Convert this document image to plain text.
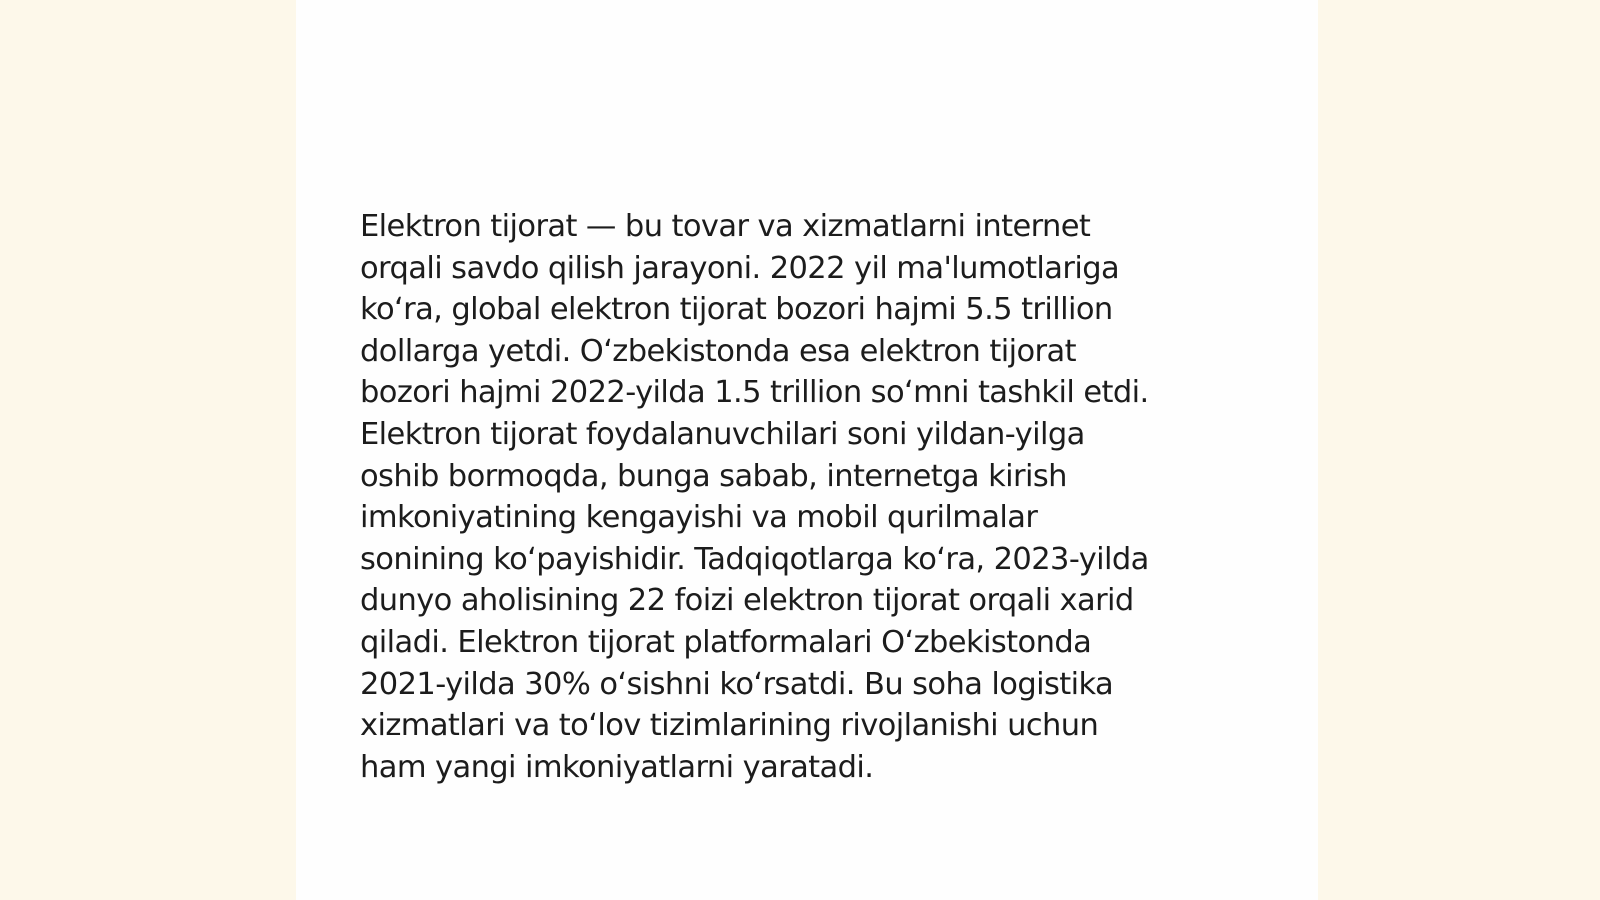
Elektron tijorat — bu tovar va xizmatlarni internet
orqali savdo qilish jarayoni. 2022 yil ma'lumotlariga
koʻra, global elektron tijorat bozori hajmi 5.5 trillion
dollarga yetdi. Oʻzbekistonda esa elektron tijorat
bozori hajmi 2022-yilda 1.5 trillion soʻmni tashkil etdi.
Elektron tijorat foydalanuvchilari soni yildan-yilga
oshib bormoqda, bunga sabab, internetga kirish
imkoniyatining kengayishi va mobil qurilmalar
sonining koʻpayishidir. Tadqiqotlarga koʻra, 2023-yilda
dunyo aholisining 22 foizi elektron tijorat orqali xarid
qiladi. Elektron tijorat platformalari Oʻzbekistonda
2021-yilda 30% oʻsishni koʻrsatdi. Bu soha logistika
xizmatlari va toʻlov tizimlarining rivojlanishi uchun
ham yangi imkoniyatlarni yaratadi.
